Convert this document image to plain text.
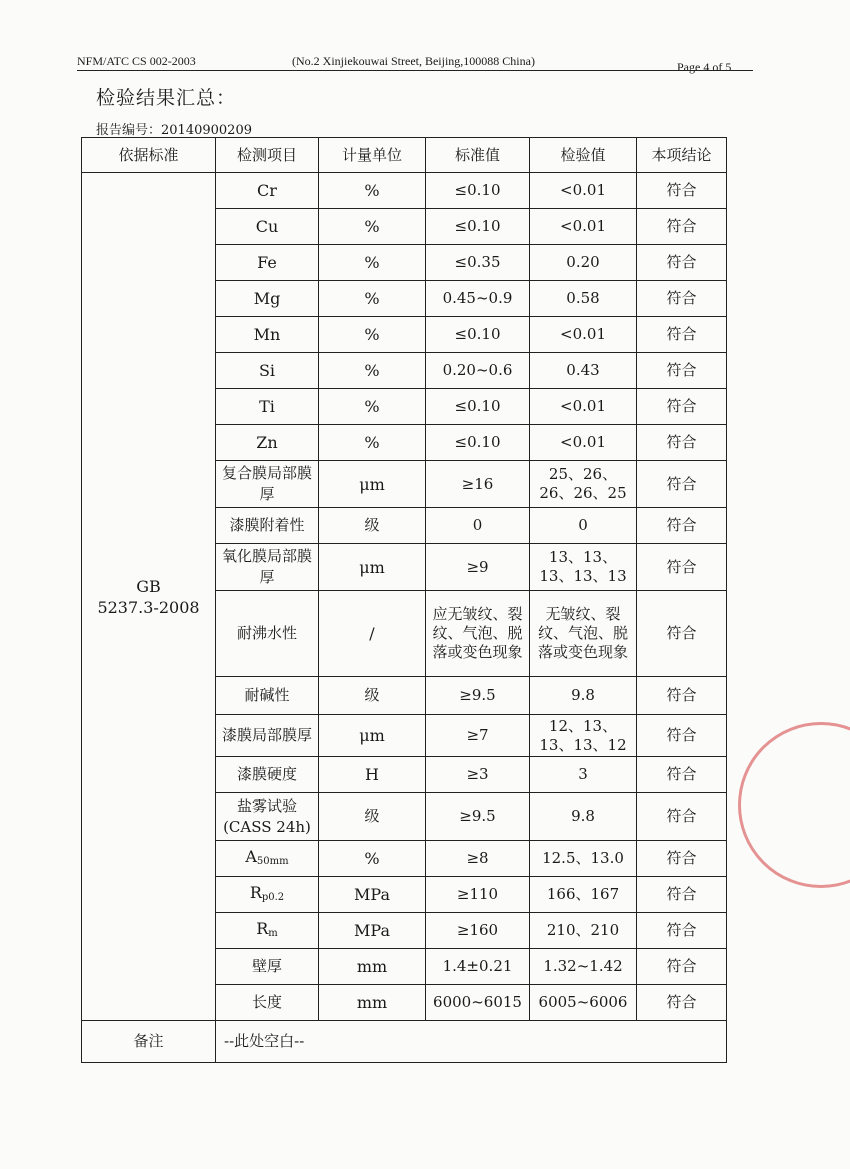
NFM/ATC CS 002-2003	(No.2 Xinjiekouwai Street, Beijing,100088 China)	Page 4 of 5
检验结果汇总：
报告编号：20140900209
依据标准	检测项目	计量单位	标准值	检验值	本项结论

GB
5237.3-2008	Cr	%	≤0.10	<0.01	符合
	Cu	%	≤0.10	<0.01	符合
	Fe	%	≤0.35	0.20	符合
	Mg	%	0.45~0.9	0.58	符合
	Mn	%	≤0.10	<0.01	符合
	Si	%	0.20~0.6	0.43	符合
	Ti	%	≤0.10	<0.01	符合
	Zn	%	≤0.10	<0.01	符合
	复合膜局部膜厚	μm	≥16	25、26、26、26、25	符合
	漆膜附着性	级	0	0	符合
	氧化膜局部膜厚	μm	≥9	13、13、13、13、13	符合
	耐沸水性	/	应无皱纹、裂纹、气泡、脱落或变色现象	无皱纹、裂纹、气泡、脱落或变色现象	符合
	耐碱性	级	≥9.5	9.8	符合
	漆膜局部膜厚	μm	≥7	12、13、13、13、12	符合
	漆膜硬度	H	≥3	3	符合
	盐雾试验(CASS 24h)	级	≥9.5	9.8	符合
	$A_{50mm}$	%	≥8	12.5、13.0	符合
	$R_{p0.2}$	MPa	≥110	166、167	符合
	$R_m$	MPa	≥160	210、210	符合
	壁厚	mm	1.4±0.21	1.32~1.42	符合
	长度	mm	6000~6015	6005~6006	符合
备注	--此处空白--				
